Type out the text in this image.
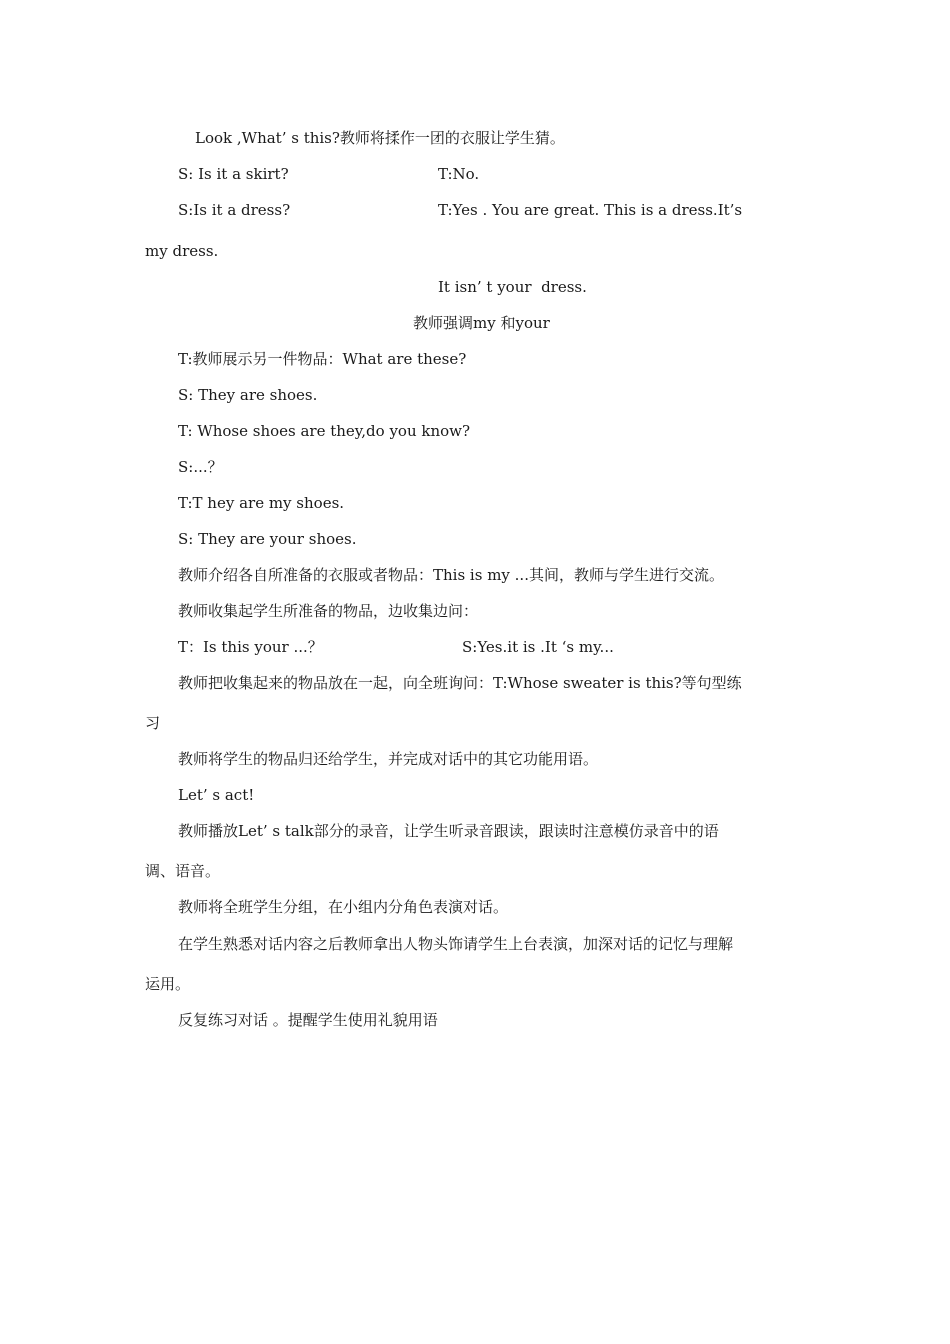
Look ,What’ s this?教师将揉作一团的衣服让学生猜。
S: Is it a skirt?	T:No.
S:Is it a dress?	T:Yes . You are great. This is a dress.It’s
my dress.
It isn’ t your  dress.
教师强调my 和your
T:教师展示另一件物品：What are these?
S: They are shoes.
T: Whose shoes are they,do you know?
S:...？
T:T hey are my shoes.
S: They are your shoes.
教师介绍各自所准备的衣服或者物品：This is my ...其间，教师与学生进行交流。
教师收集起学生所准备的物品，边收集边问：
T：Is this your ...？	S:Yes.it is .It ‘s my...
教师把收集起来的物品放在一起，向全班询问：T:Whose sweater is this?等句型练
习
教师将学生的物品归还给学生，并完成对话中的其它功能用语。
Let’ s act!
教师播放Let’ s talk部分的录音，让学生听录音跟读，跟读时注意模仿录音中的语
调、语音。
教师将全班学生分组，在小组内分角色表演对话。
在学生熟悉对话内容之后教师拿出人物头饰请学生上台表演，加深对话的记忆与理解
运用。
反复练习对话 。提醒学生使用礼貌用语
